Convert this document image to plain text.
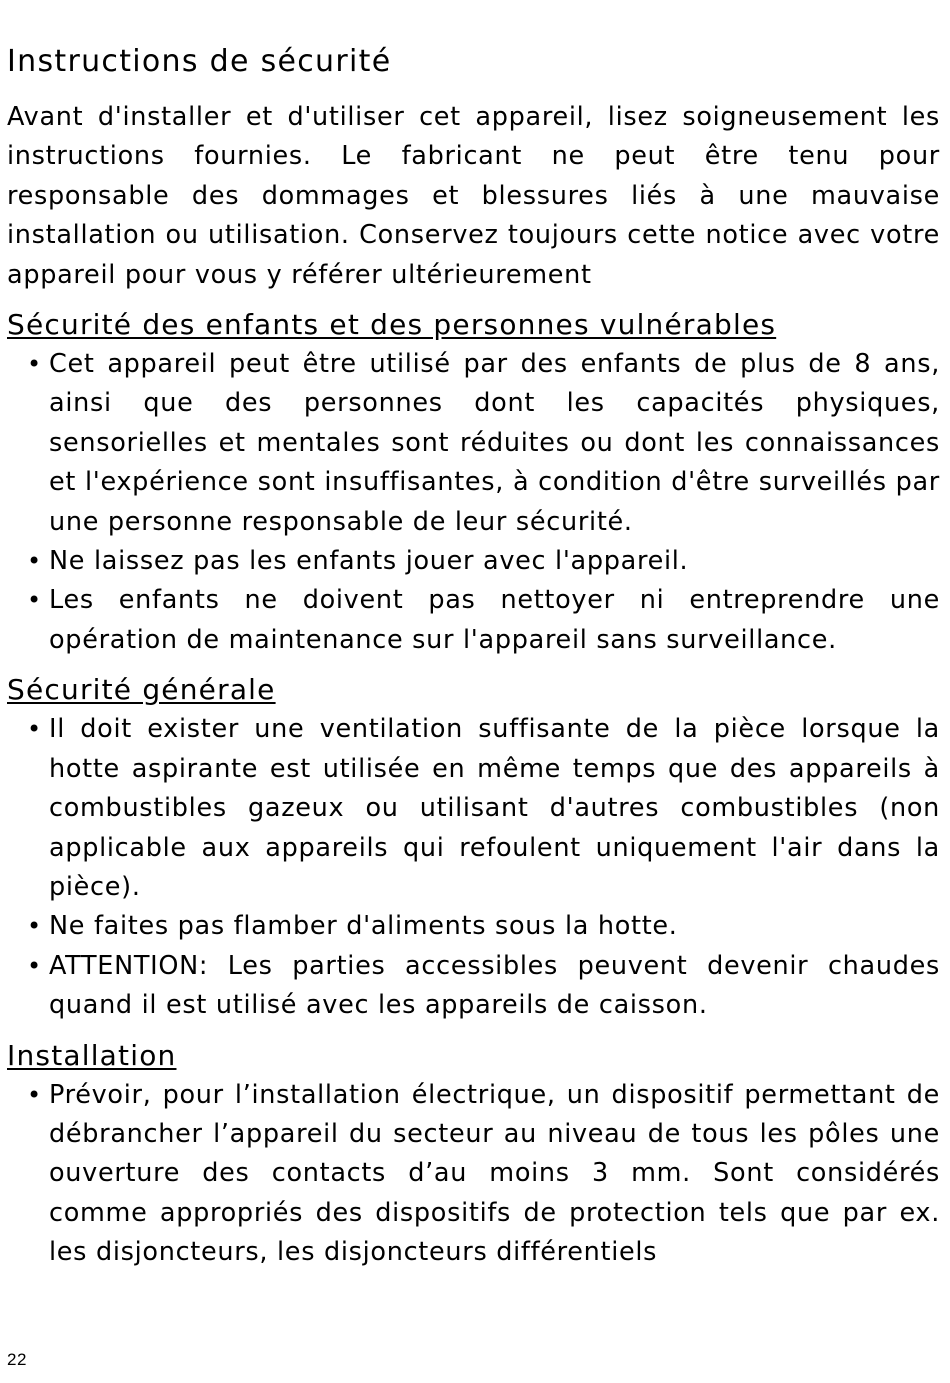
Instructions de sécurité

Avant d'installer et d'utiliser cet appareil, lisez soigneusement les instructions fournies. Le fabricant ne peut être tenu pour responsable des dommages et blessures liés à une mauvaise installation ou utilisation. Conservez toujours cette notice avec votre appareil pour vous y référer ultérieurement

Sécurité des enfants et des personnes vulnérables
• Cet appareil peut être utilisé par des enfants de plus de 8 ans, ainsi que des personnes dont les capacités physiques, sensorielles et mentales sont réduites ou dont les connaissances et l'expérience sont insuffisantes, à condition d'être surveillés par une personne responsable de leur sécurité.
• Ne laissez pas les enfants jouer avec l'appareil.
• Les enfants ne doivent pas nettoyer ni entreprendre une opération de maintenance sur l'appareil sans surveillance.
Sécurité générale
• Il doit exister une ventilation suffisante de la pièce lorsque la hotte aspirante est utilisée en même temps que des appareils à combustibles gazeux ou utilisant d'autres combustibles (non applicable aux appareils qui refoulent uniquement l'air dans la pièce).
• Ne faites pas flamber d'aliments sous la hotte.
• ATTENTION: Les parties accessibles peuvent devenir chaudes quand il est utilisé avec les appareils de caisson.
Installation
• Prévoir, pour l’installation électrique, un dispositif permettant de débrancher l’appareil du secteur au niveau de tous les pôles une ouverture des contacts d’au moins 3 mm. Sont considérés comme appropriés des dispositifs de protection tels que par ex. les disjoncteurs, les disjoncteurs différentiels
22
